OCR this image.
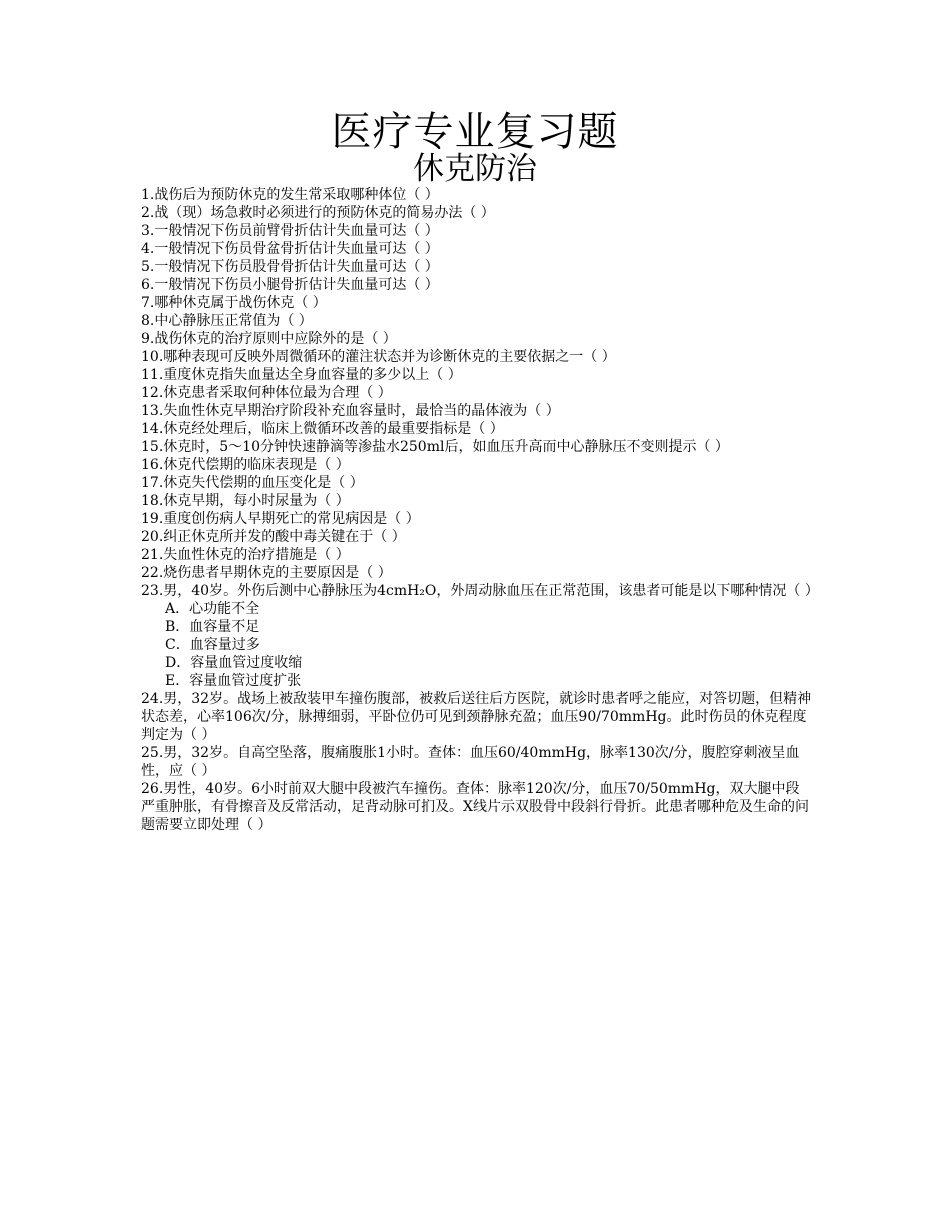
医疗专业复习题
休克防治

1.战伤后为预防休克的发生常采取哪种体位（ ）

2.战（现）场急救时必须进行的预防休克的简易办法（ ）

3.一般情况下伤员前臂骨折估计失血量可达（ ）

4.一般情况下伤员骨盆骨折估计失血量可达（ ）

5.一般情况下伤员股骨骨折估计失血量可达（ ）

6.一般情况下伤员小腿骨折估计失血量可达（ ）

7.哪种休克属于战伤休克（ ）

8.中心静脉压正常值为（ ）

9.战伤休克的治疗原则中应除外的是（ ）

10.哪种表现可反映外周微循环的灌注状态并为诊断休克的主要依据之一（ ）

11.重度休克指失血量达全身血容量的多少以上（ ）

12.休克患者采取何种体位最为合理（ ）

13.失血性休克早期治疗阶段补充血容量时，最恰当的晶体液为（ ）

14.休克经处理后，临床上微循环改善的最重要指标是（ ）

15.休克时，5～10分钟快速静滴等渗盐水250ml后，如血压升高而中心静脉压不变则提示（ ）

16.休克代偿期的临床表现是（ ）

17.休克失代偿期的血压变化是（ ）

18.休克早期，每小时尿量为（ ）

19.重度创伤病人早期死亡的常见病因是（ ）

20.纠正休克所并发的酸中毒关键在于（ ）

21.失血性休克的治疗措施是（ ）

22.烧伤患者早期休克的主要原因是（ ）

23.男，40岁。外伤后测中心静脉压为4cmH₂O，外周动脉血压在正常范围，该患者可能是以下哪种情况（ ）

A．心功能不全

B．血容量不足

C．血容量过多

D．容量血管过度收缩

E．容量血管过度扩张

24.男，32岁。战场上被敌装甲车撞伤腹部，被救后送往后方医院，就诊时患者呼之能应，对答切题，但精神状态差，心率106次/分，脉搏细弱，平卧位仍可见到颈静脉充盈；血压90/70mmHg。此时伤员的休克程度判定为（ ）

25.男，32岁。自高空坠落，腹痛腹胀1小时。查体：血压60/40mmHg，脉率130次/分，腹腔穿刺液呈血性，应（ ）

26.男性，40岁。6小时前双大腿中段被汽车撞伤。查体：脉率120次/分，血压70/50mmHg，双大腿中段严重肿胀，有骨擦音及反常活动，足背动脉可扪及。X线片示双股骨中段斜行骨折。此患者哪种危及生命的问题需要立即处理（ ）
